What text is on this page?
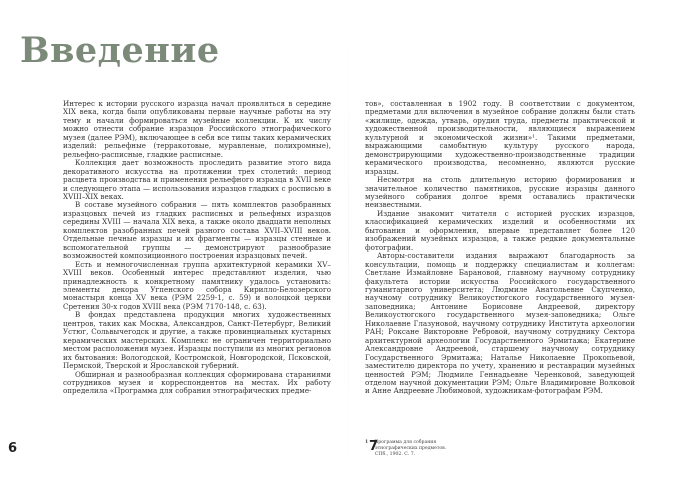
Введение

Интерес к истории русского изразца начал проявляться в середине XIX века, когда были опубликованы первые научные работы на эту тему и начали формироваться музейные коллекции. К их числу можно отнести собрание изразцов Российского этнографического музея (далее РЭМ), включающее в себя все типы таких керамических изделий: рельефные (терракотовые, муравленые, полихромные), рельефно-расписные, гладкие расписные.

Коллекция дает возможность проследить развитие этого вида декоративного искусства на протяжении трех столетий: период расцвета производства и применения рельефного изразца в XVII веке и следующего этапа — использования изразцов гладких с росписью в XVIII–XIX веках.

В составе музейного собрания — пять комплектов разобранных изразцовых печей из гладких расписных и рельефных изразцов середины XVIII — начала XIX века, а также около двадцати неполных комплектов разобранных печей разного состава XVII–XVIII веков. Отдельные печные изразцы и их фрагменты — изразцы стенные и вспомогательной группы — демонстрируют разнообразие возможностей композиционного построения изразцовых печей.

Есть и немногочисленная группа архитектурной керамики XV–XVIII веков. Особенный интерес представляют изделия, чью принадлежность к конкретному памятнику удалось установить: элементы декора Угпенского собора Кирилло-Белозерского монастыря конца XV века (РЭМ 2259-1, с. 59) и волоцкой церкви Сретения 30-х годов XVIII века (РЭМ 7170-148, с. 63).

В фондах представлена продукция многих художественных центров, таких как Москва, Александров, Санкт-Петербург, Великий Устюг, Сольвычегодск и другие, а также провинциальных кустарных керамических мастерских. Комплекс не ограничен территориально местом расположения музея. Изразцы поступили из многих регионов их бытования: Вологодской, Костромской, Новгородской, Псковской, Пермской, Тверской и Ярославской губерний.

Обширная и разнообразная коллекция сформирована стараниями сотрудников музея и корреспондентов на местах. Их работу определила «Программа для собрания этнографических предме-

тов», составленная в 1902 году. В соответствии с документом, предметами для включения в музейное собрание должны были стать «жилище, одежда, утварь, орудия труда, предметы практической и художественной производительности, являющиеся выражением культурной и экономической жизни»¹. Такими предметами, выражающими самобытную культуру русского народа, демонстрирующими художественно-производственные традиции керамического производства, несомненно, являются русские изразцы.

Несмотря на столь длительную историю формирования и значительное количество памятников, русские изразцы данного музейного собрания долгое время оставались практически неизвестными.

Издание знакомит читателя с историей русских изразцов, классификацией керамических изделий и особенностями их бытования и оформления, впервые представляет более 120 изображений музейных изразцов, а также редкие документальные фотографии.

Авторы-составители издания выражают благодарность за консультации, помощь и поддержку специалистам и коллегам: Светлане Измайловне Барановой, главному научному сотруднику факультета истории искусства Российского государственного гуманитарного университета; Людмиле Анатольевне Скупченко, научному сотруднику Великоустюгского государственного музея-заповедника; Антонине Борисовне Андреевой, директору Великоустюгского государственного музея-заповедника; Ольге Николаевне Глазуновой, научному сотруднику Института археологии РАН; Роксане Викторовне Ребровой, научному сотруднику Сектора архитектурной археологии Государственного Эрмитажа; Екатерине Александровне Андреевой, старшему научному сотруднику Государственного Эрмитажа; Наталье Николаевне Прокопьевой, заместителю директора по учету, хранению и реставрации музейных ценностей РЭМ; Людмиле Геннадьевне Черенковой, заведующей отделом научной документации РЭМ; Ольге Владимировне Волковой и Анне Андреевне Любимовой, художникам-фотографам РЭМ.

1 Программа для собрания
этнографических предметов.
СПб., 1902. С. 7.
6	7
